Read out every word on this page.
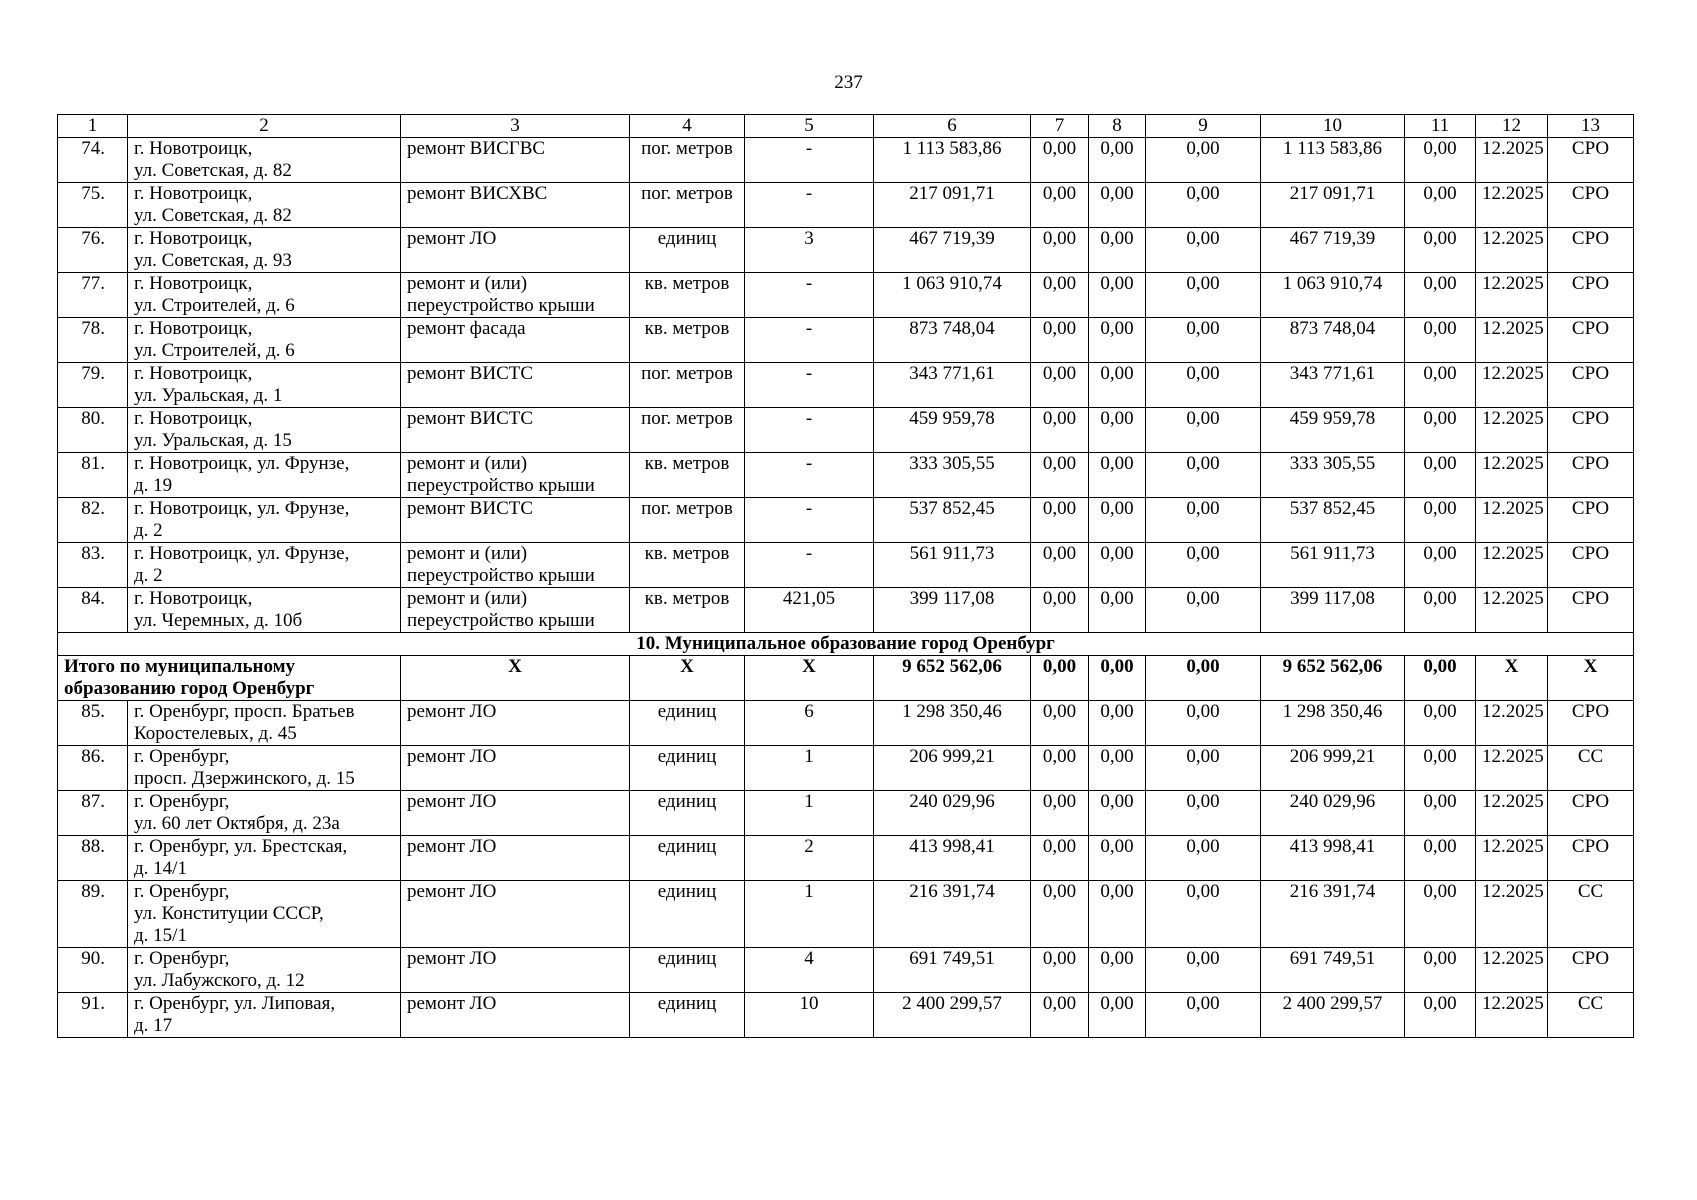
237
1	2	3	4	5	6	7	8	9	10	11	12	13
74.	г. Новотроицк,
ул. Советская, д. 82	ремонт ВИСГВС	пог. метров	-	1 113 583,86	0,00	0,00	0,00	1 113 583,86	0,00	12.2025	СРО
75.	г. Новотроицк,
ул. Советская, д. 82	ремонт ВИСХВС	пог. метров	-	217 091,71	0,00	0,00	0,00	217 091,71	0,00	12.2025	СРО
76.	г. Новотроицк,
ул. Советская, д. 93	ремонт ЛО	единиц	3	467 719,39	0,00	0,00	0,00	467 719,39	0,00	12.2025	СРО
77.	г. Новотроицк,
ул. Строителей, д. 6	ремонт и (или)
переустройство крыши	кв. метров	-	1 063 910,74	0,00	0,00	0,00	1 063 910,74	0,00	12.2025	СРО
78.	г. Новотроицк,
ул. Строителей, д. 6	ремонт фасада	кв. метров	-	873 748,04	0,00	0,00	0,00	873 748,04	0,00	12.2025	СРО
79.	г. Новотроицк,
ул. Уральская, д. 1	ремонт ВИСТС	пог. метров	-	343 771,61	0,00	0,00	0,00	343 771,61	0,00	12.2025	СРО
80.	г. Новотроицк,
ул. Уральская, д. 15	ремонт ВИСТС	пог. метров	-	459 959,78	0,00	0,00	0,00	459 959,78	0,00	12.2025	СРО
81.	г. Новотроицк, ул. Фрунзе,
д. 19	ремонт и (или)
переустройство крыши	кв. метров	-	333 305,55	0,00	0,00	0,00	333 305,55	0,00	12.2025	СРО
82.	г. Новотроицк, ул. Фрунзе,
д. 2	ремонт ВИСТС	пог. метров	-	537 852,45	0,00	0,00	0,00	537 852,45	0,00	12.2025	СРО
83.	г. Новотроицк, ул. Фрунзе,
д. 2	ремонт и (или)
переустройство крыши	кв. метров	-	561 911,73	0,00	0,00	0,00	561 911,73	0,00	12.2025	СРО
84.	г. Новотроицк,
ул. Черемных, д. 10б	ремонт и (или)
переустройство крыши	кв. метров	421,05	399 117,08	0,00	0,00	0,00	399 117,08	0,00	12.2025	СРО
10. Муниципальное образование город Оренбург												
Итого по муниципальному
образованию город Оренбург		Х	Х	Х	9 652 562,06	0,00	0,00	0,00	9 652 562,06	0,00	Х	Х
85.	г. Оренбург, просп. Братьев
Коростелевых, д. 45	ремонт ЛО	единиц	6	1 298 350,46	0,00	0,00	0,00	1 298 350,46	0,00	12.2025	СРО
86.	г. Оренбург,
просп. Дзержинского, д. 15	ремонт ЛО	единиц	1	206 999,21	0,00	0,00	0,00	206 999,21	0,00	12.2025	СС
87.	г. Оренбург,
ул. 60 лет Октября, д. 23а	ремонт ЛО	единиц	1	240 029,96	0,00	0,00	0,00	240 029,96	0,00	12.2025	СРО
88.	г. Оренбург, ул. Брестская,
д. 14/1	ремонт ЛО	единиц	2	413 998,41	0,00	0,00	0,00	413 998,41	0,00	12.2025	СРО
89.	г. Оренбург,
ул. Конституции СССР,
д. 15/1	ремонт ЛО	единиц	1	216 391,74	0,00	0,00	0,00	216 391,74	0,00	12.2025	СС
90.	г. Оренбург,
ул. Лабужского, д. 12	ремонт ЛО	единиц	4	691 749,51	0,00	0,00	0,00	691 749,51	0,00	12.2025	СРО
91.	г. Оренбург, ул. Липовая,
д. 17	ремонт ЛО	единиц	10	2 400 299,57	0,00	0,00	0,00	2 400 299,57	0,00	12.2025	СС
